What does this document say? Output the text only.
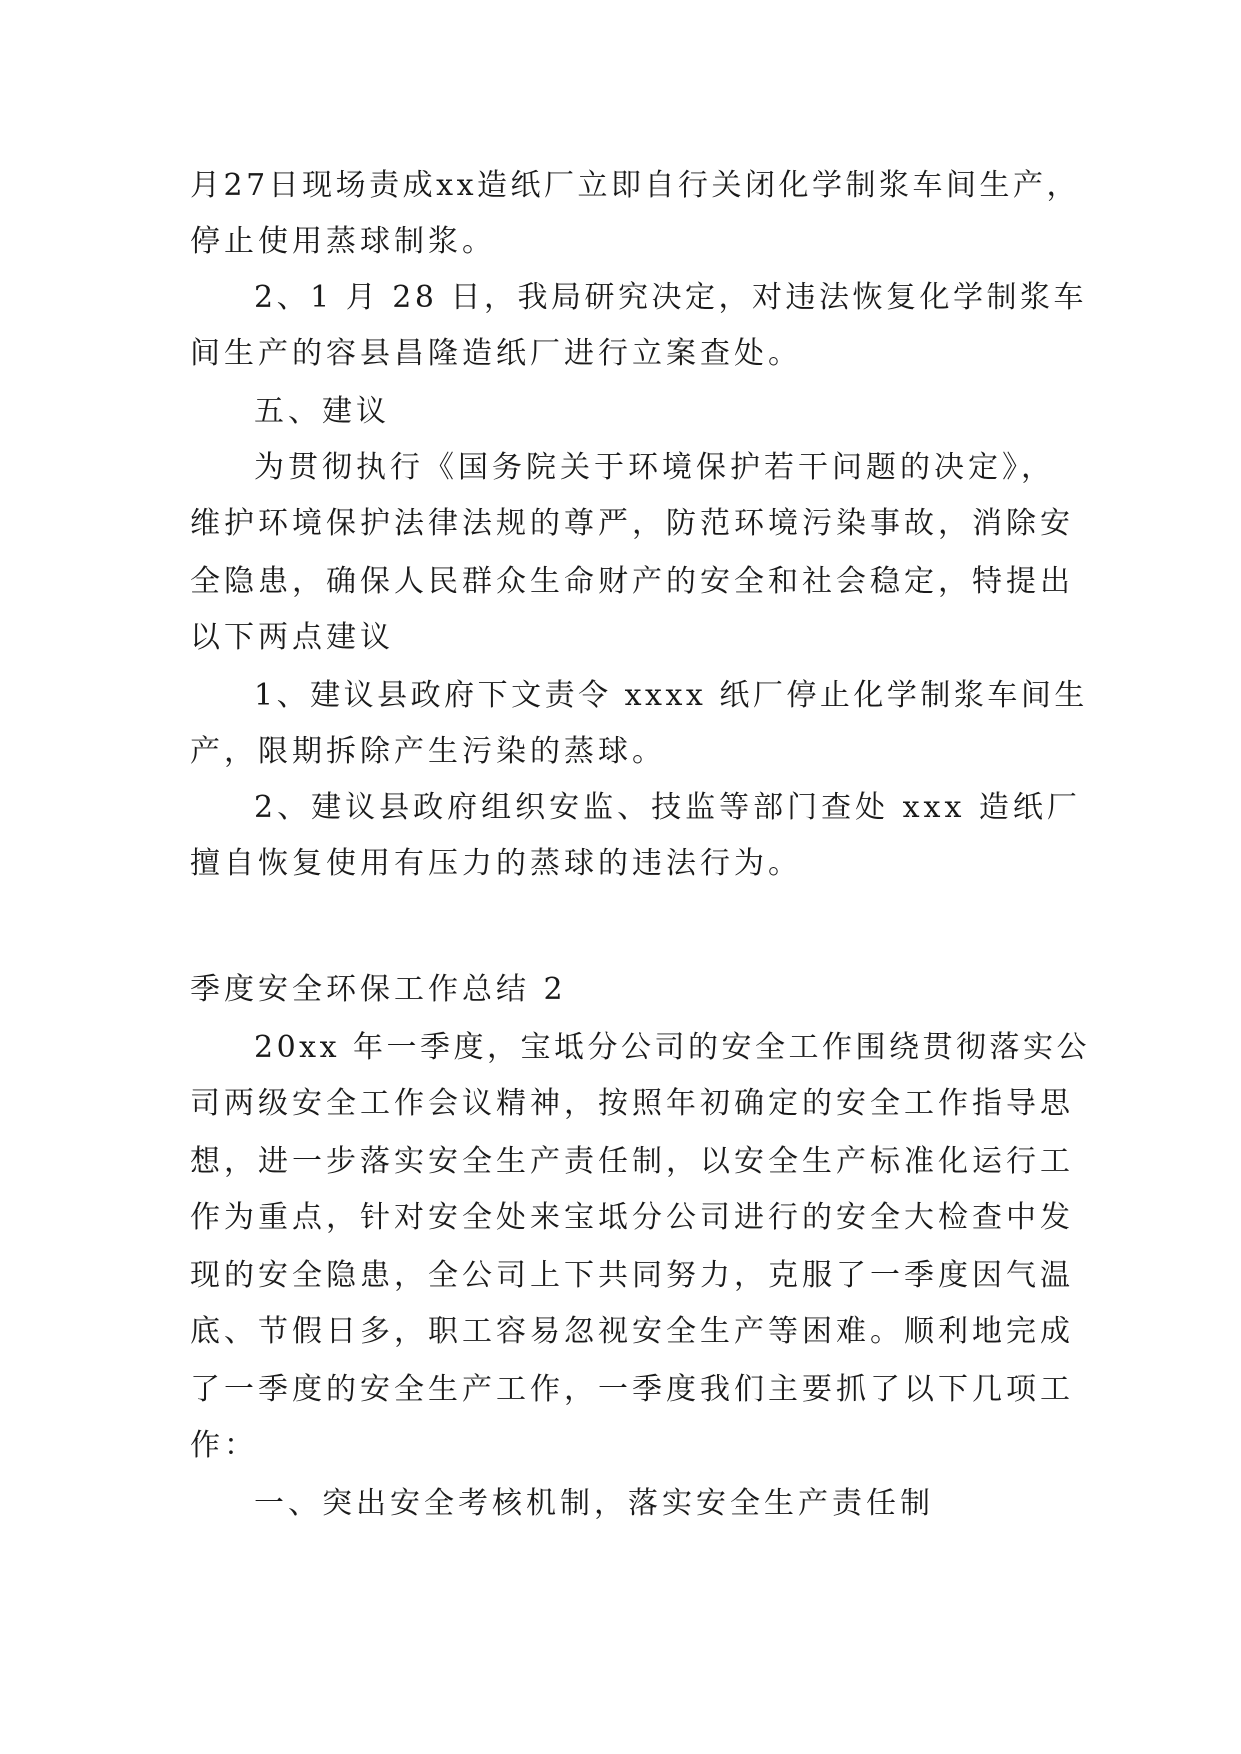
月27日现场责成xx造纸厂立即自行关闭化学制浆车间生产，

停止使用蒸球制浆。

2、1 月 28 日，我局研究决定，对违法恢复化学制浆车

间生产的容县昌隆造纸厂进行立案查处。

五、建议

为贯彻执行《国务院关于环境保护若干问题的决定》，

维护环境保护法律法规的尊严，防范环境污染事故，消除安

全隐患，确保人民群众生命财产的安全和社会稳定，特提出

以下两点建议

1、建议县政府下文责令 xxxx 纸厂停止化学制浆车间生

产，限期拆除产生污染的蒸球。

2、建议县政府组织安监、技监等部门查处 xxx 造纸厂

擅自恢复使用有压力的蒸球的违法行为。

季度安全环保工作总结 2

20xx 年一季度，宝坻分公司的安全工作围绕贯彻落实公

司两级安全工作会议精神，按照年初确定的安全工作指导思

想，进一步落实安全生产责任制，以安全生产标准化运行工

作为重点，针对安全处来宝坻分公司进行的安全大检查中发

现的安全隐患，全公司上下共同努力，克服了一季度因气温

底、节假日多，职工容易忽视安全生产等困难。顺利地完成

了一季度的安全生产工作，一季度我们主要抓了以下几项工

作：

一、突出安全考核机制，落实安全生产责任制
